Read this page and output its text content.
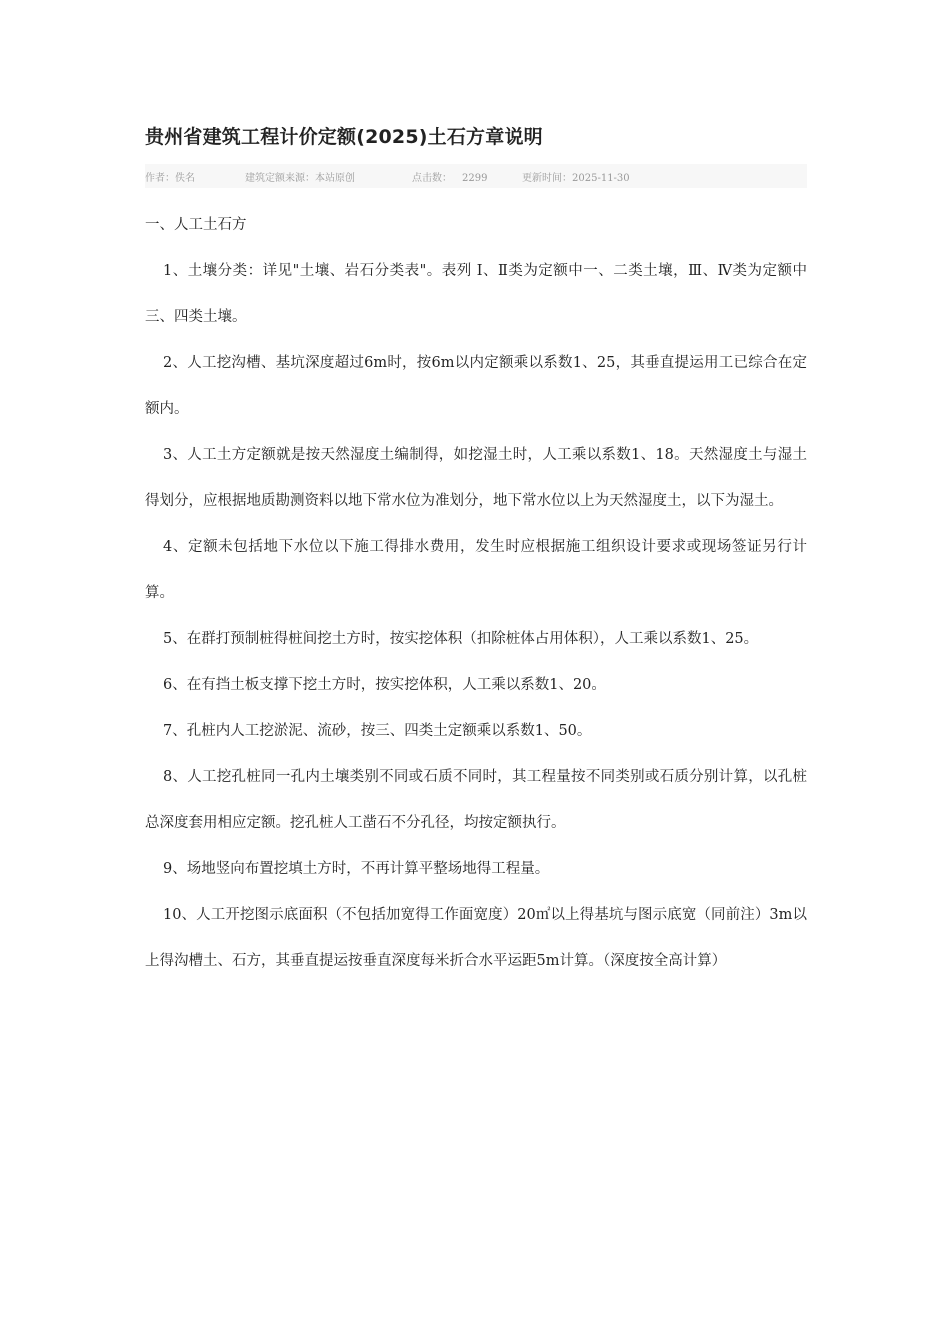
贵州省建筑工程计价定额(2025)土石方章说明
作者：佚名	建筑定额来源：本站原创	点击数： 2299	更新时间：2025-11-30

一、人工土石方

1、土壤分类：详见"土壤、岩石分类表"。表列 Ⅰ、Ⅱ类为定额中一、二类土壤，Ⅲ、Ⅳ类为定额中三、四类土壤。

2、人工挖沟槽、基坑深度超过6m时，按6m以内定额乘以系数1、25，其垂直提运用工已综合在定额内。

3、人工土方定额就是按天然湿度土编制得，如挖湿土时，人工乘以系数1、18。天然湿度土与湿土得划分，应根据地质勘测资料以地下常水位为准划分，地下常水位以上为天然湿度土，以下为湿土。

4、定额未包括地下水位以下施工得排水费用，发生时应根据施工组织设计要求或现场签证另行计算。

5、在群打预制桩得桩间挖土方时，按实挖体积（扣除桩体占用体积），人工乘以系数1、25。

6、在有挡土板支撑下挖土方时，按实挖体积，人工乘以系数1、20。

7、孔桩内人工挖淤泥、流砂，按三、四类土定额乘以系数1、50。

8、人工挖孔桩同一孔内土壤类别不同或石质不同时，其工程量按不同类别或石质分别计算，以孔桩总深度套用相应定额。挖孔桩人工凿石不分孔径，均按定额执行。

9、场地竖向布置挖填土方时，不再计算平整场地得工程量。

10、人工开挖图示底面积（不包括加宽得工作面宽度）20㎡以上得基坑与图示底宽（同前注）3m以上得沟槽土、石方，其垂直提运按垂直深度每米折合水平运距5m计算。（深度按全高计算）
